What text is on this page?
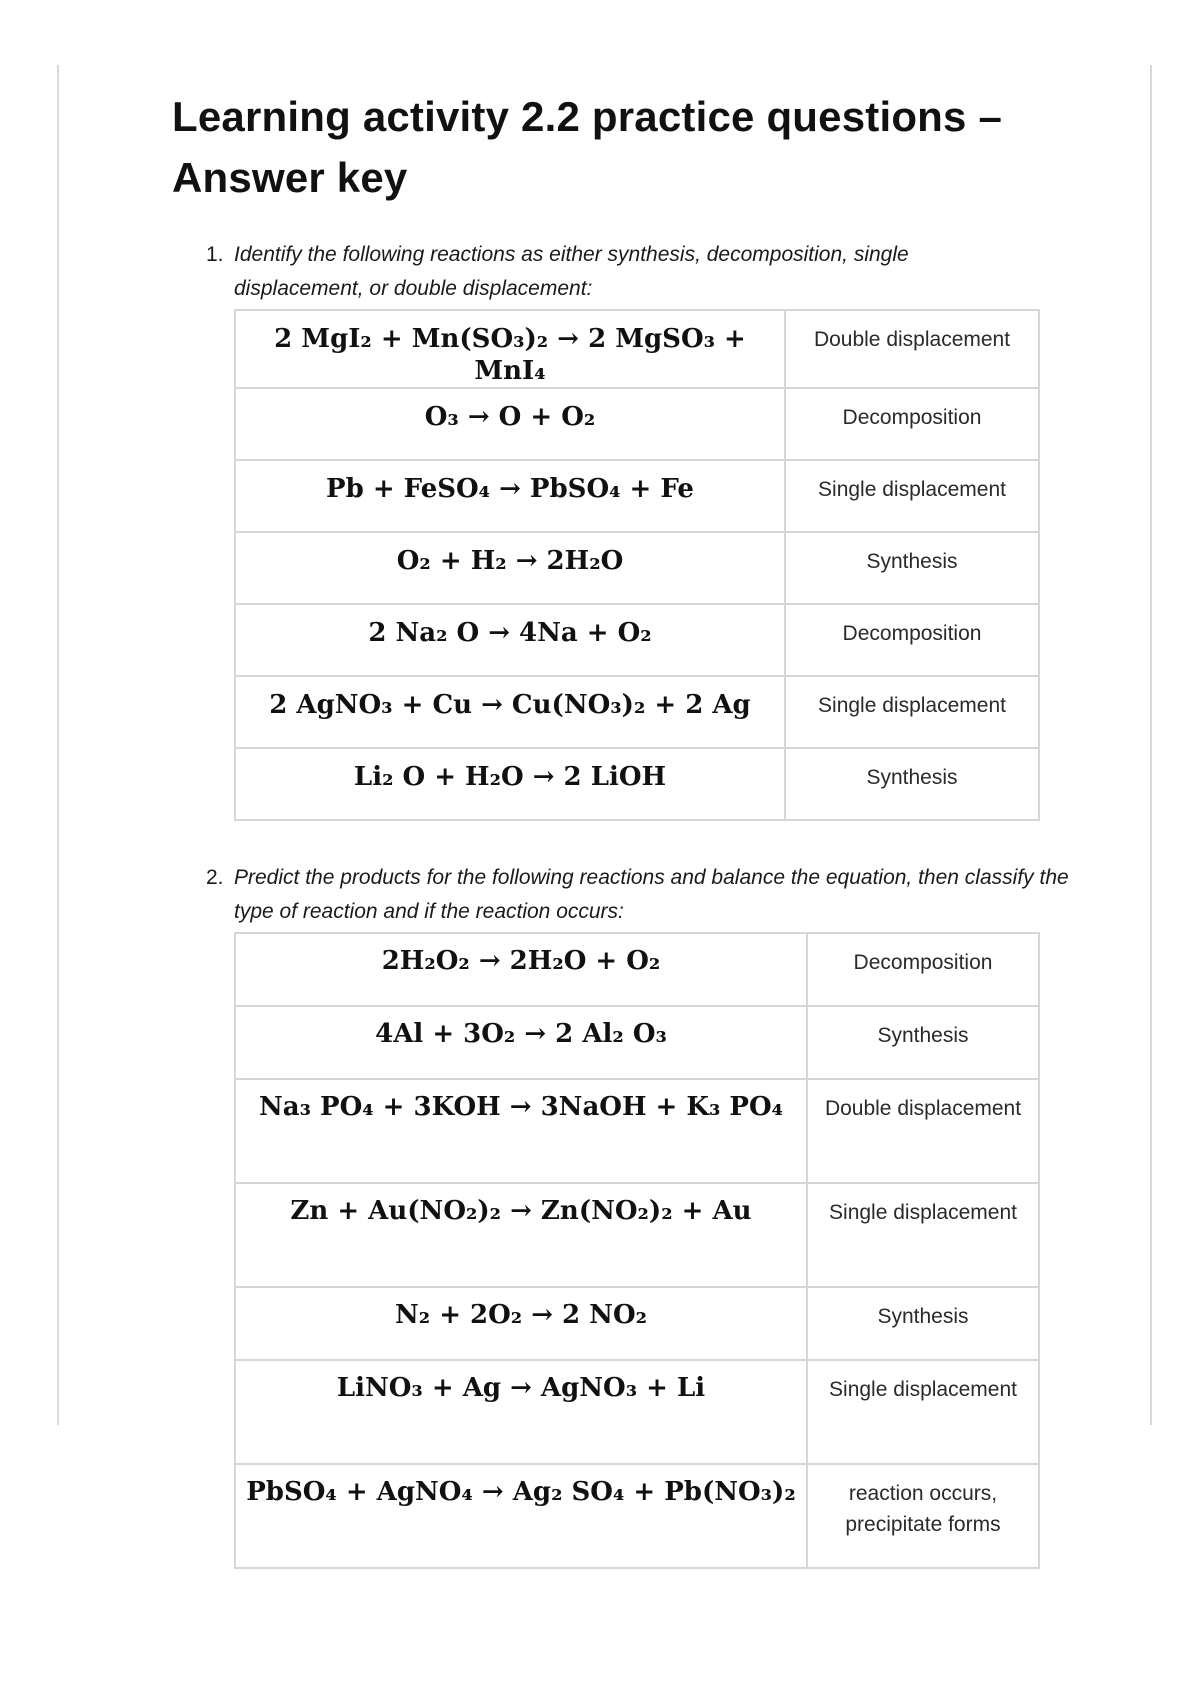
Learning activity 2.2 practice questions – Answer key
1. Identify the following reactions as either synthesis, decomposition, single displacement, or double displacement:
2 MgI₂ + Mn(SO₃)₂ → 2 MgSO₃ + MnI₄	Double displacement
O₃ → O + O₂	Decomposition
Pb + FeSO₄ → PbSO₄ + Fe	Single displacement
O₂ + H₂ → 2H₂O	Synthesis
2 Na₂ O → 4Na + O₂	Decomposition
2 AgNO₃ + Cu → Cu(NO₃)₂ + 2 Ag	Single displacement
Li₂ O + H₂O → 2 LiOH	Synthesis
2. Predict the products for the following reactions and balance the equation, then classify the type of reaction and if the reaction occurs:
2H₂O₂ → 2H₂O + O₂	Decomposition
4Al + 3O₂ → 2 Al₂ O₃	Synthesis
Na₃ PO₄ + 3KOH → 3NaOH + K₃ PO₄	Double displacement
Zn + Au(NO₂)₂ → Zn(NO₂)₂ + Au	Single displacement
N₂ + 2O₂ → 2 NO₂	Synthesis
LiNO₃ + Ag → AgNO₃ + Li	Single displacement
PbSO₄ + AgNO₄ → Ag₂ SO₄ + Pb(NO₃)₂	reaction occurs, precipitate forms
